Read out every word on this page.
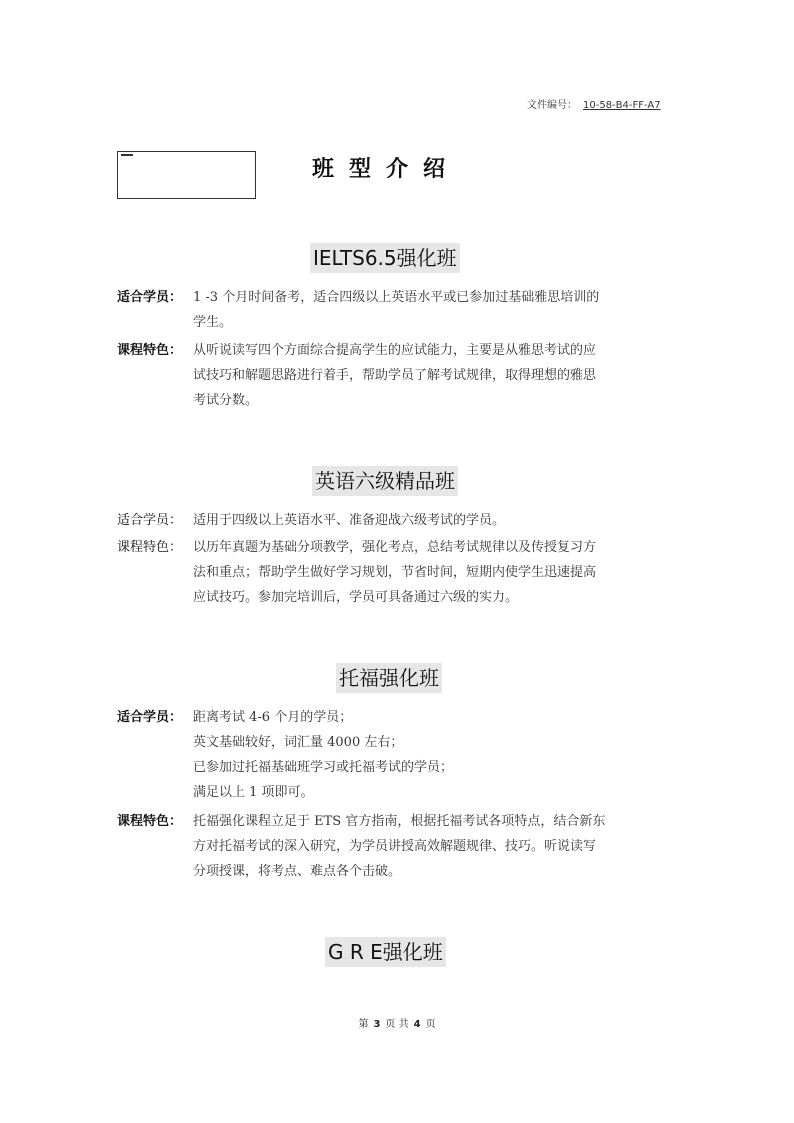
文件编号： 10-58-B4-FF-A7
班型介绍
IELTS6.5强化班
适合学员： 1 -3 个月时间备考，适合四级以上英语水平或已参加过基础雅思培训的
学生。
课程特色： 从听说读写四个方面综合提高学生的应试能力，主要是从雅思考试的应
试技巧和解题思路进行着手，帮助学员了解考试规律，取得理想的雅思
考试分数。
英语六级精品班
适合学员： 适用于四级以上英语水平、准备迎战六级考试的学员。
课程特色： 以历年真题为基础分项教学，强化考点，总结考试规律以及传授复习方
法和重点；帮助学生做好学习规划，节省时间，短期内使学生迅速提高
应试技巧。参加完培训后，学员可具备通过六级的实力。
托福强化班
适合学员： 距离考试 4-6 个月的学员；
英文基础较好，词汇量 4000 左右；
已参加过托福基础班学习或托福考试的学员；
满足以上 1 项即可。
课程特色： 托福强化课程立足于 ETS 官方指南，根据托福考试各项特点，结合新东
方对托福考试的深入研究，为学员讲授高效解题规律、技巧。听说读写
分项授课，将考点、难点各个击破。
G R E强化班
第 3 页 共 4 页
